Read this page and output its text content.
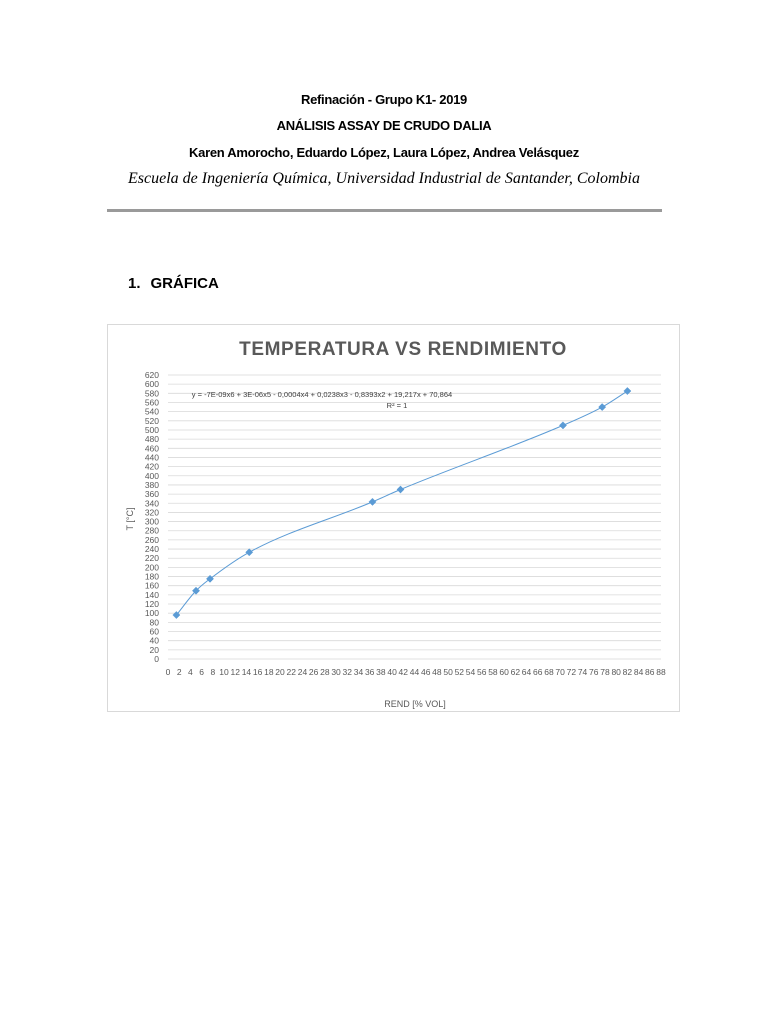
Refinación - Grupo K1- 2019
ANÁLISIS ASSAY DE CRUDO DALIA
Karen Amorocho, Eduardo López, Laura López, Andrea Velásquez
Escuela de Ingeniería Química, Universidad Industrial de Santander, Colombia
1. GRÁFICA
TEMPERATURA VS RENDIMIENTO
0
20
40
60
80
100
120
140
160
180
200
220
240
260
280
300
320
340
360
380
400
420
440
460
480
500
520
540
560
580
600
620
0 2 4 6 8 10 12 14 16 18 20 22 24 26 28 30 32 34 36 38 40 42 44 46 48 50 52 54 56 58 60 62 64 66 68 70 72 74 76 78 80 82 84 86 88
y = -7E-09x6 + 3E-06x5 - 0,0004x4 + 0,0238x3 - 0,8393x2 + 19,217x + 70,864
R² = 1
REND [% VOL]
T [°C]
